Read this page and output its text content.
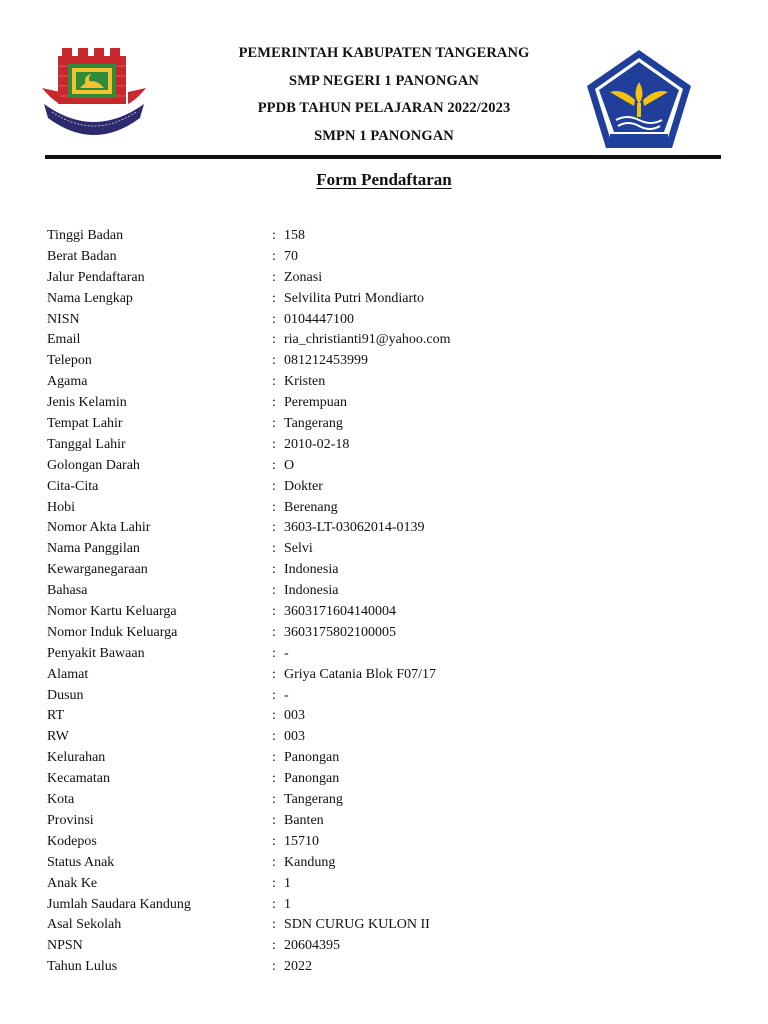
PEMERINTAH KABUPATEN TANGERANG
SMP NEGERI 1 PANONGAN
PPDB TAHUN PELAJARAN 2022/2023
SMPN 1 PANONGAN
Form Pendaftaran
Tinggi Badan	: 158
Berat Badan	: 70
Jalur Pendaftaran	: Zonasi
Nama Lengkap	: Selvilita Putri Mondiarto
NISN	: 0104447100
Email	: ria_christianti91@yahoo.com
Telepon	: 081212453999
Agama	: Kristen
Jenis Kelamin	: Perempuan
Tempat Lahir	: Tangerang
Tanggal Lahir	: 2010-02-18
Golongan Darah	: O
Cita-Cita	: Dokter
Hobi	: Berenang
Nomor Akta Lahir	: 3603-LT-03062014-0139
Nama Panggilan	: Selvi
Kewarganegaraan	: Indonesia
Bahasa	: Indonesia
Nomor Kartu Keluarga	: 3603171604140004
Nomor Induk Keluarga	: 3603175802100005
Penyakit Bawaan	: -
Alamat	: Griya Catania Blok F07/17
Dusun	: -
RT	: 003
RW	: 003
Kelurahan	: Panongan
Kecamatan	: Panongan
Kota	: Tangerang
Provinsi	: Banten
Kodepos	: 15710
Status Anak	: Kandung
Anak Ke	: 1
Jumlah Saudara Kandung	: 1
Asal Sekolah	: SDN CURUG KULON II
NPSN	: 20604395
Tahun Lulus	: 2022
